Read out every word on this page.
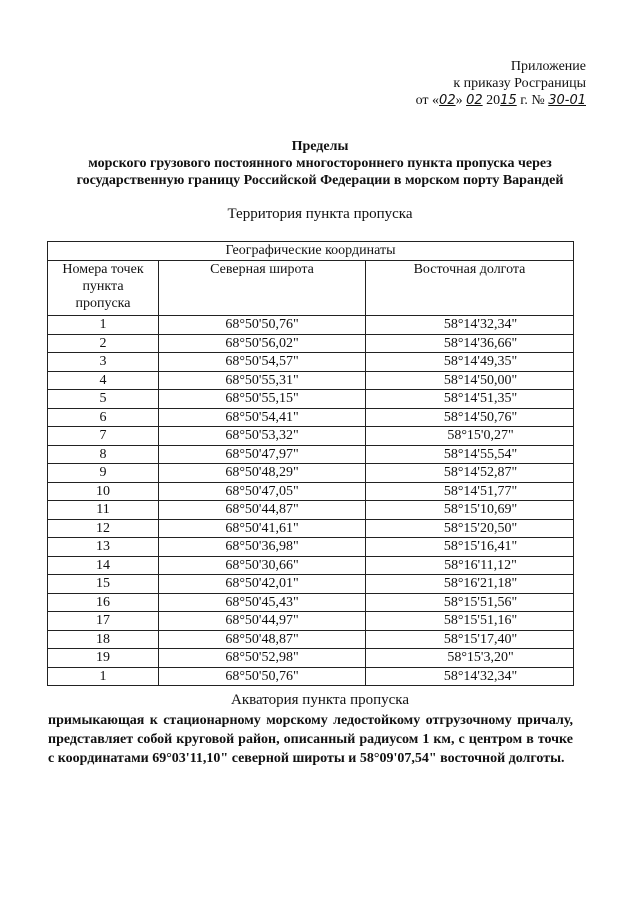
Приложение
к приказу Росграницы
от «02» 02 2015 г. № 30-01
Пределы
морского грузового постоянного многостороннего пункта пропуска через
государственную границу Российской Федерации в морском порту Варандей
Территория пункта пропуска
Географические координаты		

Номера точек
пункта
пропуска	Северная широта	Восточная долгота
1	68°50'50,76"	58°14'32,34"
2	68°50'56,02"	58°14'36,66"
3	68°50'54,57"	58°14'49,35"
4	68°50'55,31"	58°14'50,00"
5	68°50'55,15"	58°14'51,35"
6	68°50'54,41"	58°14'50,76"
7	68°50'53,32"	58°15'0,27"
8	68°50'47,97"	58°14'55,54"
9	68°50'48,29"	58°14'52,87"
10	68°50'47,05"	58°14'51,77"
11	68°50'44,87"	58°15'10,69"
12	68°50'41,61"	58°15'20,50"
13	68°50'36,98"	58°15'16,41"
14	68°50'30,66"	58°16'11,12"
15	68°50'42,01"	58°16'21,18"
16	68°50'45,43"	58°15'51,56"
17	68°50'44,97"	58°15'51,16"
18	68°50'48,87"	58°15'17,40"
19	68°50'52,98"	58°15'3,20"
1	68°50'50,76"	58°14'32,34"
Акватория пункта пропуска
примыкающая к стационарному морскому ледостойкому отгрузочному причалу, представляет собой круговой район, описанный радиусом 1 км, с центром в точке с координатами 69°03'11,10" северной широты и 58°09'07,54" восточной долготы.
